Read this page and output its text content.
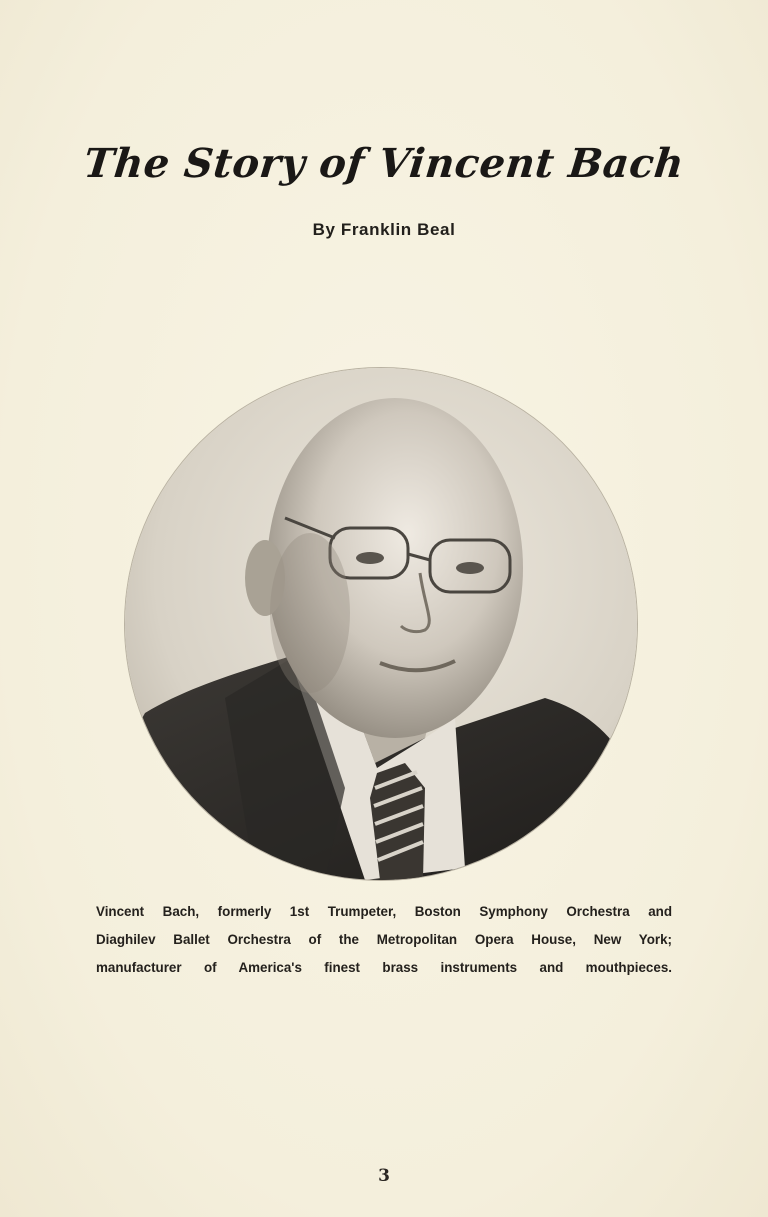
The Story of Vincent Bach
By Franklin Beal
Vincent Bach, formerly 1st Trumpeter, Boston Symphony Orchestra and
Diaghilev Ballet Orchestra of the Metropolitan Opera House, New York;
manufacturer of America's finest brass instruments and mouthpieces.
3
